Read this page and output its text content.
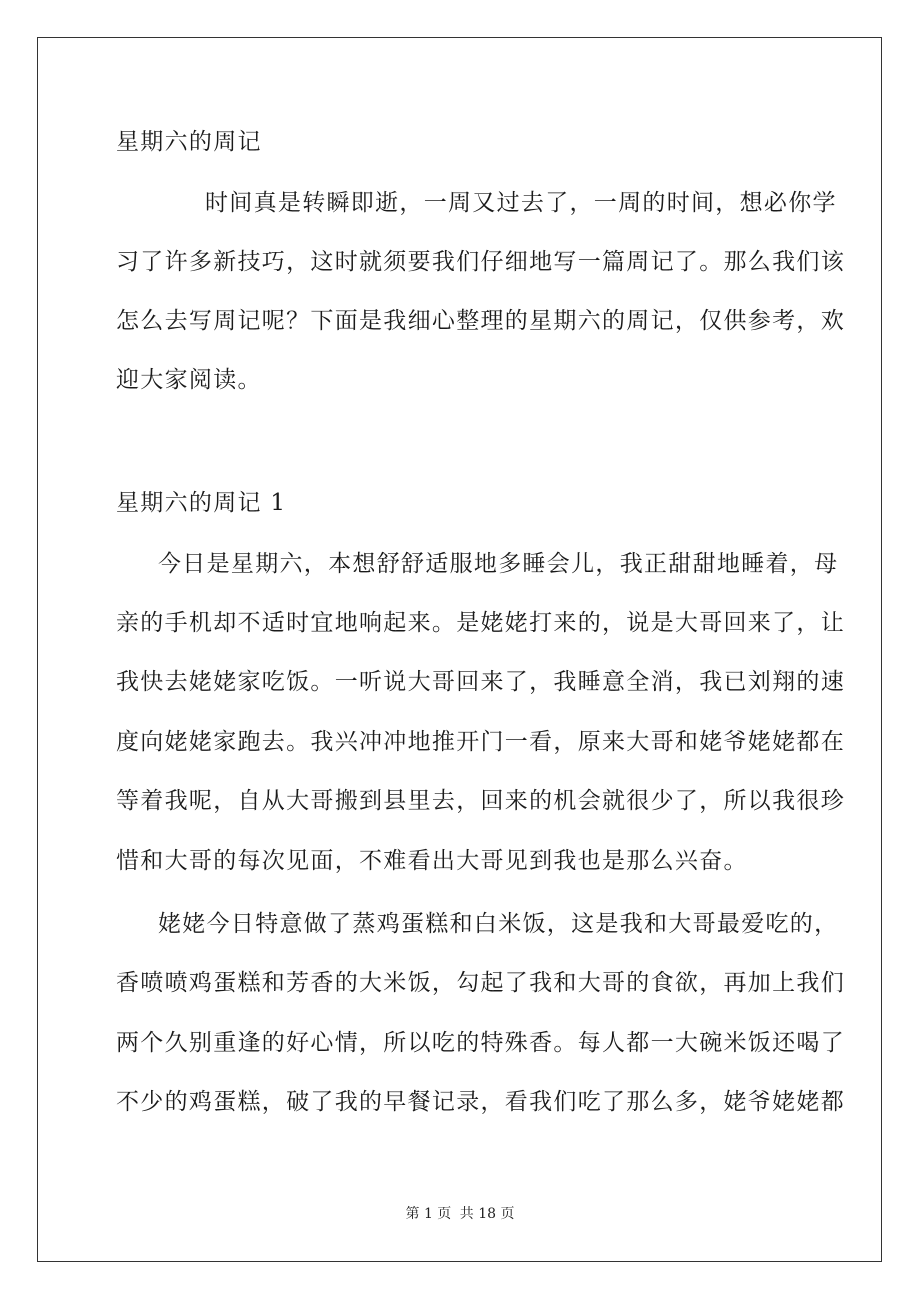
星期六的周记
时间真是转瞬即逝，一周又过去了，一周的时间，想必你学
习了许多新技巧，这时就须要我们仔细地写一篇周记了。那么我们该
怎么去写周记呢？下面是我细心整理的星期六的周记，仅供参考，欢
迎大家阅读。
星期六的周记 1
今日是星期六，本想舒舒适服地多睡会儿，我正甜甜地睡着，母
亲的手机却不适时宜地响起来。是姥姥打来的，说是大哥回来了，让
我快去姥姥家吃饭。一听说大哥回来了，我睡意全消，我已刘翔的速
度向姥姥家跑去。我兴冲冲地推开门一看，原来大哥和姥爷姥姥都在
等着我呢，自从大哥搬到县里去，回来的机会就很少了，所以我很珍
惜和大哥的每次见面，不难看出大哥见到我也是那么兴奋。
姥姥今日特意做了蒸鸡蛋糕和白米饭，这是我和大哥最爱吃的，
香喷喷鸡蛋糕和芳香的大米饭，勾起了我和大哥的食欲，再加上我们
两个久别重逢的好心情，所以吃的特殊香。每人都一大碗米饭还喝了
不少的鸡蛋糕，破了我的早餐记录，看我们吃了那么多，姥爷姥姥都
第 1 页 共 18 页
